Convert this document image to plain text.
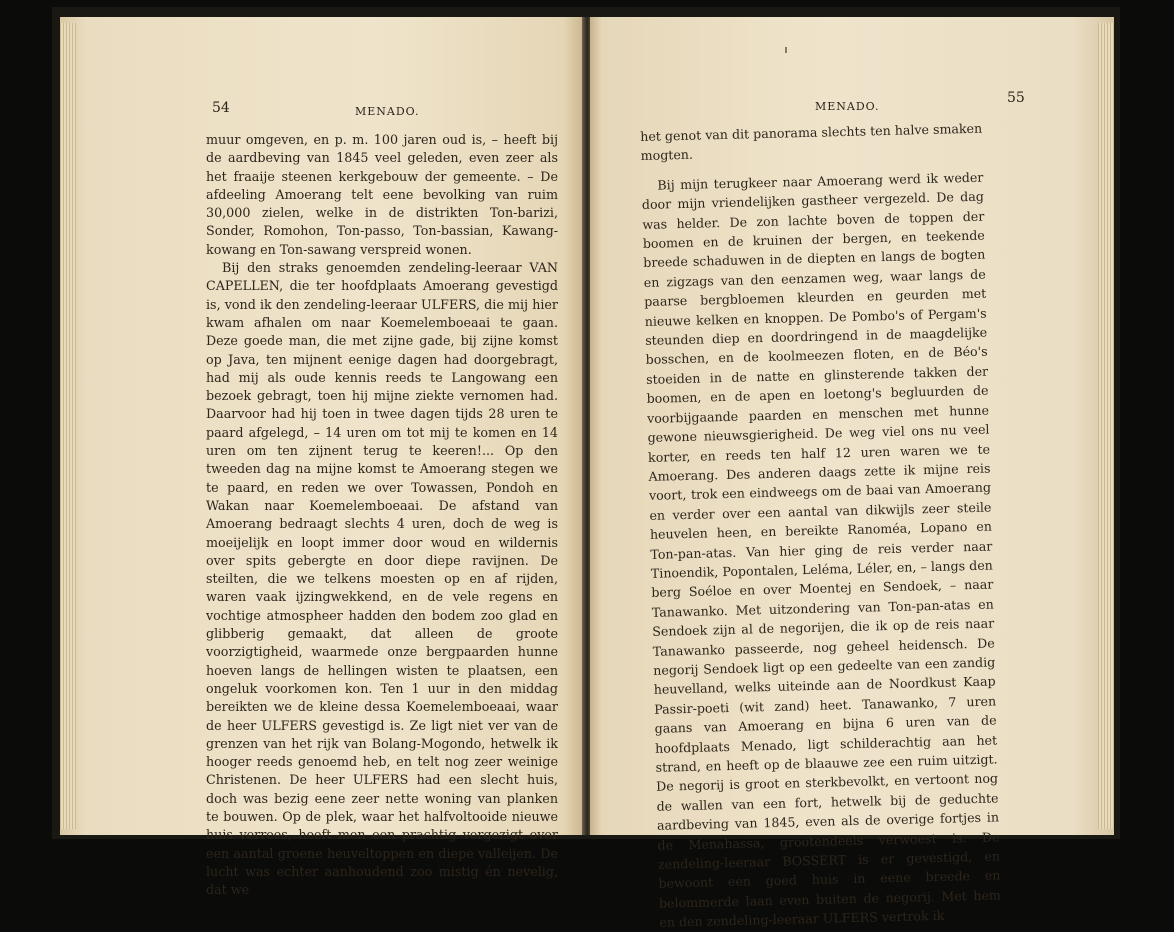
54	MENADO.

muur omgeven, en p. m. 100 jaren oud is, – heeft bij de aardbeving van 1845 veel geleden, even zeer als het fraaije steenen kerkgebouw der gemeente. – De afdeeling Amoerang telt eene bevolking van ruim 30,000 zielen, welke in de distrikten Ton-barizi, Sonder, Romohon, Ton-passo, Ton-bassian, Kawang-kowang en Ton-sawang verspreid wonen.

Bij den straks genoemden zendeling-leeraar VAN CAPELLEN, die ter hoofdplaats Amoerang gevestigd is, vond ik den zendeling-leeraar ULFERS, die mij hier kwam afhalen om naar Koemelemboeaai te gaan. Deze goede man, die met zijne gade, bij zijne komst op Java, ten mijnent eenige dagen had doorgebragt, had mij als oude kennis reeds te Langowang een bezoek gebragt, toen hij mijne ziekte vernomen had. Daarvoor had hij toen in twee dagen tijds 28 uren te paard afgelegd, – 14 uren om tot mij te komen en 14 uren om ten zijnent terug te keeren!... Op den tweeden dag na mijne komst te Amoerang stegen we te paard, en reden we over Towassen, Pondoh en Wakan naar Koemelemboeaai. De afstand van Amoerang bedraagt slechts 4 uren, doch de weg is moeijelijk en loopt immer door woud en wildernis over spits gebergte en door diepe ravijnen. De steilten, die we telkens moesten op en af rijden, waren vaak ijzingwekkend, en de vele regens en vochtige atmospheer hadden den bodem zoo glad en glibberig gemaakt, dat alleen de groote voorzigtigheid, waarmede onze bergpaarden hunne hoeven langs de hellingen wisten te plaatsen, een ongeluk voorkomen kon. Ten 1 uur in den middag bereikten we de kleine dessa Koemelemboeaai, waar de heer ULFERS gevestigd is. Ze ligt niet ver van de grenzen van het rijk van Bolang-Mogondo, hetwelk ik hooger reeds genoemd heb, en telt nog zeer weinige Christenen. De heer ULFERS had een slecht huis, doch was bezig eene zeer nette woning van planken te bouwen. Op de plek, waar het halfvoltooide nieuwe huis verrees, heeft men een prachtig vergezigt over een aantal groene heuveltoppen en diepe valleijen. De lucht was echter aanhoudend zoo mistig én nevelig, dat we

MENADO.
55

het genot van dit panorama slechts ten halve smaken mogten.

Bij mijn terugkeer naar Amoerang werd ik weder door mijn vriendelijken gastheer vergezeld. De dag was helder. De zon lachte boven de toppen der boomen en de kruinen der bergen, en teekende breede schaduwen in de diepten en langs de bogten en zigzags van den eenzamen weg, waar langs de paarse bergbloemen kleurden en geurden met nieuwe kelken en knoppen. De Pombo's of Pergam's steunden diep en doordringend in de maagdelijke bosschen, en de koolmeezen floten, en de Béo's stoeiden in de natte en glinsterende takken der boomen, en de apen en loetong's begluurden de voorbijgaande paarden en menschen met hunne gewone nieuwsgierigheid. De weg viel ons nu veel korter, en reeds ten half 12 uren waren we te Amoerang. Des anderen daags zette ik mijne reis voort, trok een eindweegs om de baai van Amoerang en verder over een aantal van dikwijls zeer steile heuvelen heen, en bereikte Ranoméa, Lopano en Ton-pan-atas. Van hier ging de reis verder naar Tinoendik, Popontalen, Leléma, Léler, en, – langs den berg Soéloe en over Moentej en Sendoek, – naar Tanawanko. Met uitzondering van Ton-pan-atas en Sendoek zijn al de negorijen, die ik op de reis naar Tanawanko passeerde, nog geheel heidensch. De negorij Sendoek ligt op een gedeelte van een zandig heuvelland, welks uiteinde aan de Noordkust Kaap Passir-poeti (wit zand) heet. Tanawanko, 7 uren gaans van Amoerang en bijna 6 uren van de hoofdplaats Menado, ligt schilderachtig aan het strand, en heeft op de blaauwe zee een ruim uitzigt. De negorij is groot en sterkbevolkt, en vertoont nog de wallen van een fort, hetwelk bij de geduchte aardbeving van 1845, even als de overige fortjes in de Menahassa, grootendeels verwoest is. De zendeling-leeraar BOSSERT is er gevestigd, en bewoont een goed huis in eene breede en belommerde laan even buiten de negorij. Met hem en den zendeling-leeraar ULFERS vertrok ik
